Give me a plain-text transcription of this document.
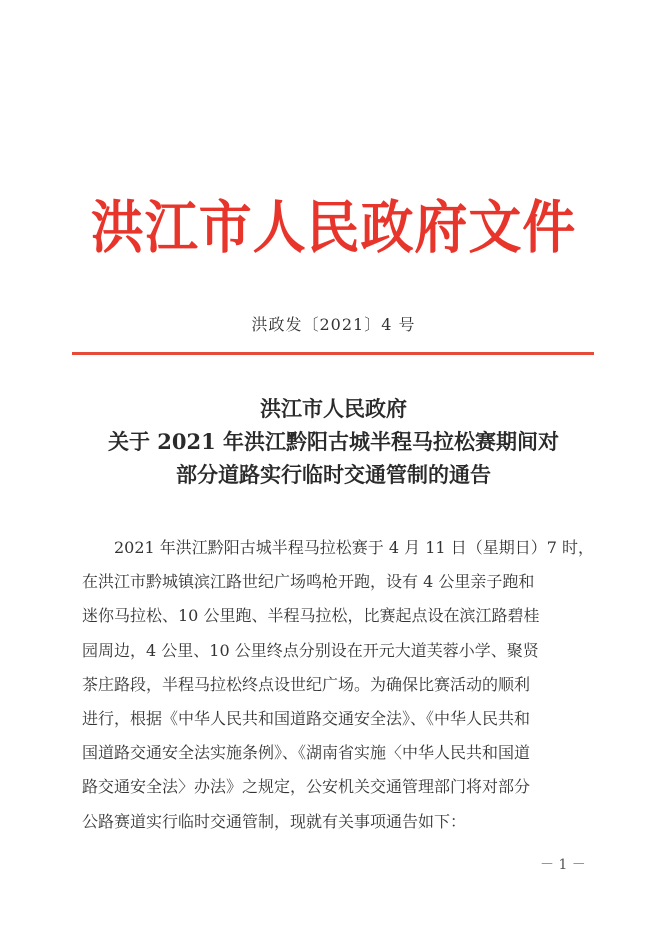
洪江市人民政府文件
洪政发〔2021〕4 号
洪江市人民政府
关于 2021 年洪江黔阳古城半程马拉松赛期间对
部分道路实行临时交通管制的通告
　　2021 年洪江黔阳古城半程马拉松赛于 4 月 11 日（星期日）7 时，
在洪江市黔城镇滨江路世纪广场鸣枪开跑，设有 4 公里亲子跑和
迷你马拉松、10 公里跑、半程马拉松，比赛起点设在滨江路碧桂
园周边，4 公里、10 公里终点分别设在开元大道芙蓉小学、聚贤
茶庄路段，半程马拉松终点设世纪广场。为确保比赛活动的顺利
进行，根据《中华人民共和国道路交通安全法》、《中华人民共和
国道路交通安全法实施条例》、《湖南省实施〈中华人民共和国道
路交通安全法〉办法》之规定，公安机关交通管理部门将对部分
公路赛道实行临时交通管制，现就有关事项通告如下：
－ 1 －
